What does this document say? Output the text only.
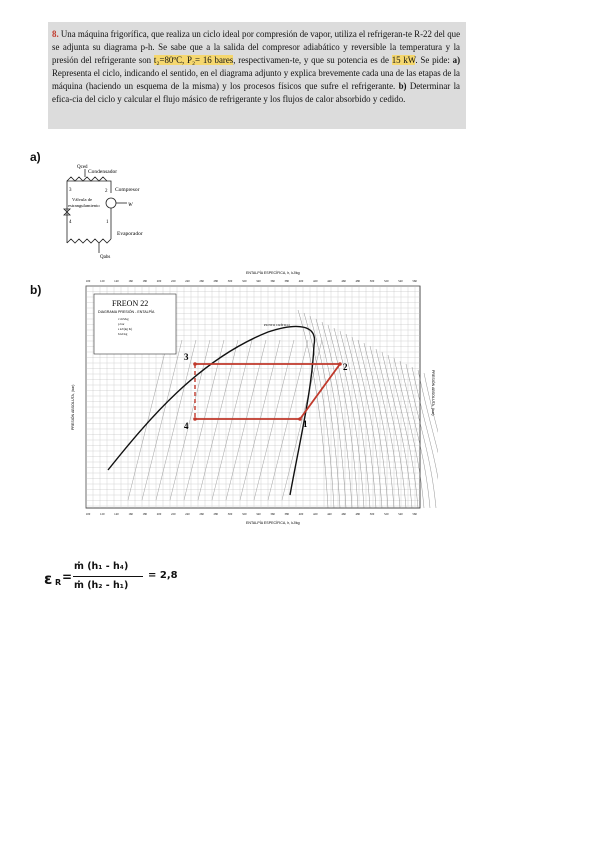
8. Una máquina frigorífica, que realiza un ciclo ideal por compresión de vapor, utiliza el refrigeran-te R-22 del que se adjunta su diagrama p-h. Se sabe que a la salida del compresor adiabático y reversible la temperatura y la presión del refrigerante son t₂=80ºC, P₂= 16 bares, respectivamen-te, y que su potencia es de 15 kW. Se pide: a) Representa el ciclo, indicando el sentido, en el diagrama adjunto y explica brevemente cada una de las etapas de la máquina (haciendo un esquema de la misma) y los procesos físicos que sufre el refrigerante. b) Determinar la efica-cia del ciclo y calcular el flujo másico de refrigerante y los flujos de calor absorbido y cedido.
a)
b)
Qced
Condensador
Compresor
Válvula de
estrangulamiento	W
Evaporador
Qabs
1
2
3
4
FREON 22
DIAGRAMA PRESIÓN - ENTALPÍA
v m3/kg
p bar
s kJ/(kg K)
h kJ/kg
ENTALPÍA ESPECÍFICA, h, kJ/kg
ENTALPÍA ESPECÍFICA, h, kJ/kg
PRESIÓN ABSOLUTA, (bar)	PRESIÓN ABSOLUTA, (bar)
PUNTO CRÍTICO
100	120	140	160	180	200	220	240	260	280	300	320	340	360	380	400	420	440	460	480	500	520	540	560
100	120	140	160	180	200	220	240	260	280	300	320	340	360	380	400	420	440	460	480	500	520	540	560
3
2
4	1
ε R =
ṁ (h₁ - h₄)
ṁ (h₂ - h₁)
= 2,8
